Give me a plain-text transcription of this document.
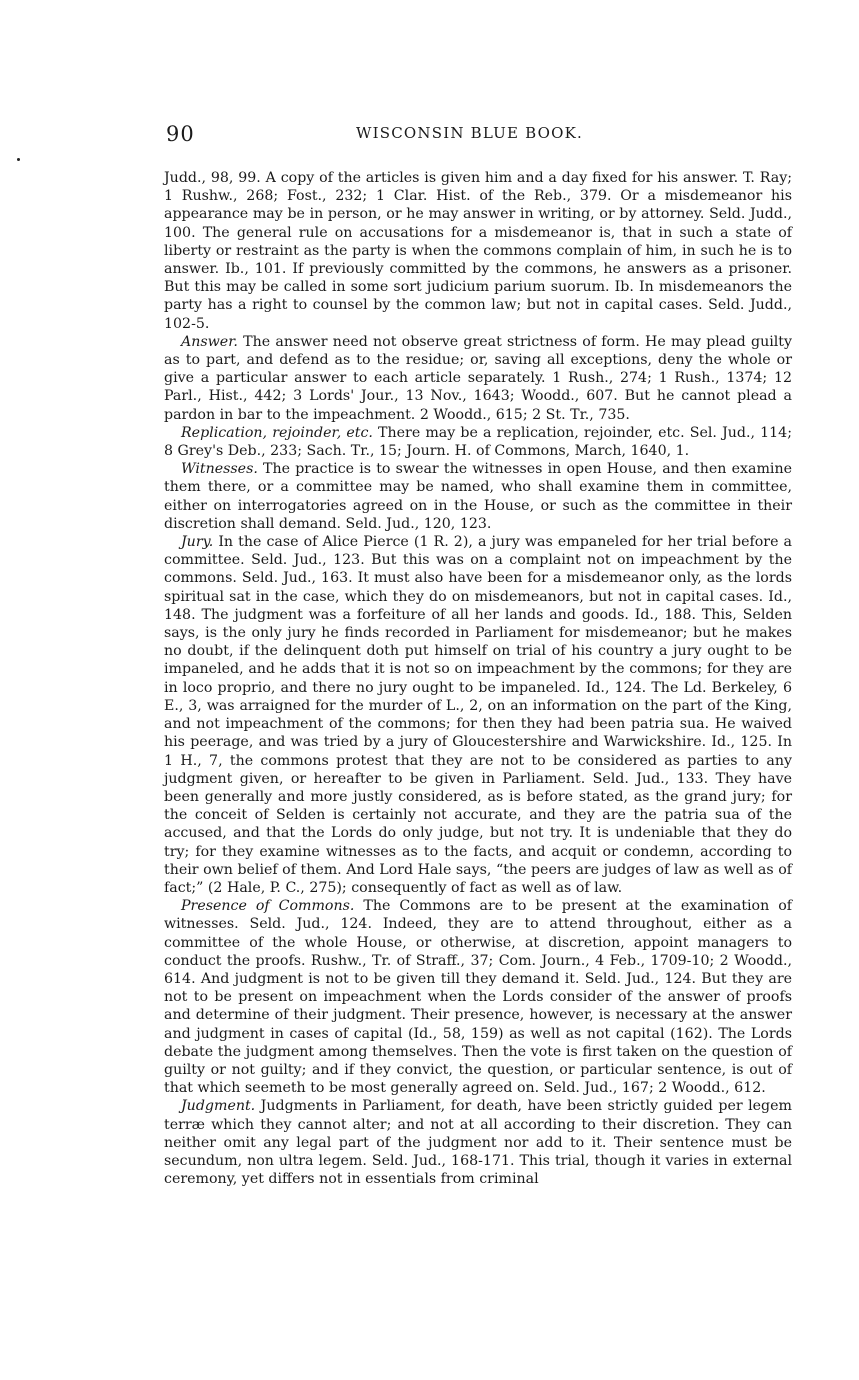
90	WISCONSIN BLUE BOOK.

Judd., 98, 99. A copy of the articles is given him and a day fixed for his answer. T. Ray; 1 Rushw., 268; Fost., 232; 1 Clar. Hist. of the Reb., 379. Or a misdemeanor his appearance may be in person, or he may answer in writing, or by attorney. Seld. Judd., 100. The general rule on accusations for a misdemeanor is, that in such a state of liberty or restraint as the party is when the commons complain of him, in such he is to answer. Ib., 101. If previously committed by the commons, he answers as a prisoner. But this may be called in some sort judicium parium suorum. Ib. In misdemeanors the party has a right to counsel by the common law; but not in capital cases. Seld. Judd., 102-5.

Answer. The answer need not observe great strictness of form. He may plead guilty as to part, and defend as to the residue; or, saving all exceptions, deny the whole or give a particular answer to each article separately. 1 Rush., 274; 1 Rush., 1374; 12 Parl., Hist., 442; 3 Lords' Jour., 13 Nov., 1643; Woodd., 607. But he cannot plead a pardon in bar to the impeachment. 2 Woodd., 615; 2 St. Tr., 735.

Replication, rejoinder, etc. There may be a replication, rejoinder, etc. Sel. Jud., 114; 8 Grey's Deb., 233; Sach. Tr., 15; Journ. H. of Commons, March, 1640, 1.

Witnesses. The practice is to swear the witnesses in open House, and then examine them there, or a committee may be named, who shall examine them in committee, either on interrogatories agreed on in the House, or such as the committee in their discretion shall demand. Seld. Jud., 120, 123.

Jury. In the case of Alice Pierce (1 R. 2), a jury was empaneled for her trial before a committee. Seld. Jud., 123. But this was on a complaint not on impeachment by the commons. Seld. Jud., 163. It must also have been for a misdemeanor only, as the lords spiritual sat in the case, which they do on misdemeanors, but not in capital cases. Id., 148. The judgment was a forfeiture of all her lands and goods. Id., 188. This, Selden says, is the only jury he finds recorded in Parliament for misdemeanor; but he makes no doubt, if the delinquent doth put himself on trial of his country a jury ought to be impaneled, and he adds that it is not so on impeachment by the commons; for they are in loco proprio, and there no jury ought to be impaneled. Id., 124. The Ld. Berkeley, 6 E., 3, was arraigned for the murder of L., 2, on an information on the part of the King, and not impeachment of the commons; for then they had been patria sua. He waived his peerage, and was tried by a jury of Gloucestershire and Warwickshire. Id., 125. In 1 H., 7, the commons protest that they are not to be considered as parties to any judgment given, or hereafter to be given in Parliament. Seld. Jud., 133. They have been generally and more justly considered, as is before stated, as the grand jury; for the conceit of Selden is certainly not accurate, and they are the patria sua of the accused, and that the Lords do only judge, but not try. It is undeniable that they do try; for they examine witnesses as to the facts, and acquit or condemn, according to their own belief of them. And Lord Hale says, “the peers are judges of law as well as of fact;” (2 Hale, P. C., 275); consequently of fact as well as of law.

Presence of Commons. The Commons are to be present at the examination of witnesses. Seld. Jud., 124. Indeed, they are to attend throughout, either as a committee of the whole House, or otherwise, at discretion, appoint managers to conduct the proofs. Rushw., Tr. of Straff., 37; Com. Journ., 4 Feb., 1709-10; 2 Woodd., 614. And judgment is not to be given till they demand it. Seld. Jud., 124. But they are not to be present on impeachment when the Lords consider of the answer of proofs and determine of their judgment. Their presence, however, is necessary at the answer and judgment in cases of capital (Id., 58, 159) as well as not capital (162). The Lords debate the judgment among themselves. Then the vote is first taken on the question of guilty or not guilty; and if they convict, the question, or particular sentence, is out of that which seemeth to be most generally agreed on. Seld. Jud., 167; 2 Woodd., 612.

Judgment. Judgments in Parliament, for death, have been strictly guided per legem terræ which they cannot alter; and not at all according to their discretion. They can neither omit any legal part of the judgment nor add to it. Their sentence must be secundum, non ultra legem. Seld. Jud., 168-171. This trial, though it varies in external ceremony, yet differs not in essentials from criminal
